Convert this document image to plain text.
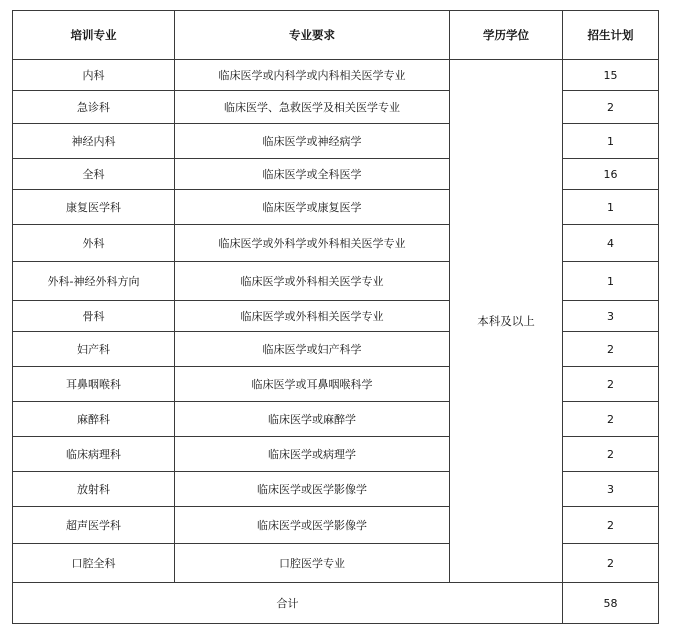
培训专业	专业要求	学历学位	招生计划
内科	临床医学或内科学或内科相关医学专业	本科及以上	15
急诊科	临床医学、急救医学及相关医学专业		2
神经内科	临床医学或神经病学		1
全科	临床医学或全科医学		16
康复医学科	临床医学或康复医学		1
外科	临床医学或外科学或外科相关医学专业		4
外科-神经外科方向	临床医学或外科相关医学专业		1
骨科	临床医学或外科相关医学专业		3
妇产科	临床医学或妇产科学		2
耳鼻咽喉科	临床医学或耳鼻咽喉科学		2
麻醉科	临床医学或麻醉学		2
临床病理科	临床医学或病理学		2
放射科	临床医学或医学影像学		3
超声医学科	临床医学或医学影像学		2
口腔全科	口腔医学专业		2
合计			58
